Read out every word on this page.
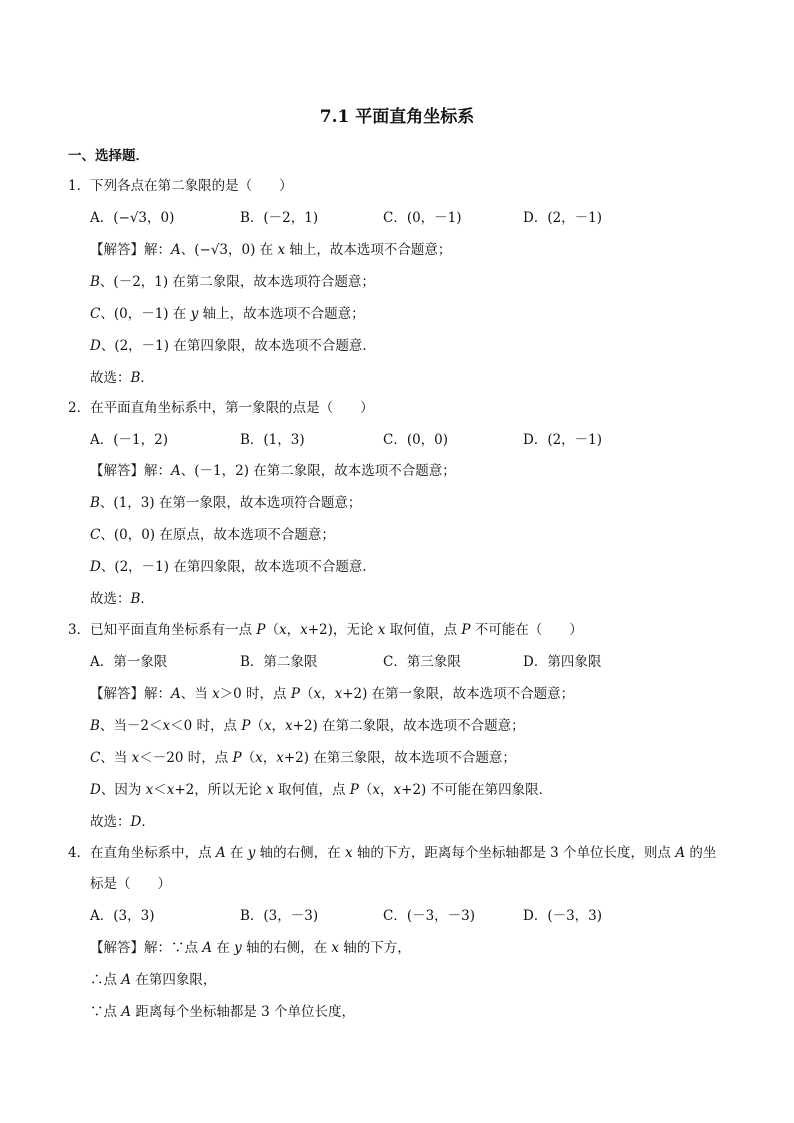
7.1 平面直角坐标系

一、选择题．

1．下列各点在第二象限的是（　　）

A．(−√3，0)	B．(－2，1)	C．(0，－1)	D．(2，－1)

【解答】解：A、(−√3，0) 在 x 轴上，故本选项不合题意；

B、(－2，1) 在第二象限，故本选项符合题意；

C、(0，－1) 在 y 轴上，故本选项不合题意；

D、(2，－1) 在第四象限，故本选项不合题意．

故选：B．

2．在平面直角坐标系中，第一象限的点是（　　）

A．(－1，2)	B．(1，3)	C．(0，0)	D．(2，－1)

【解答】解：A、(－1，2) 在第二象限，故本选项不合题意；

B、(1，3) 在第一象限，故本选项符合题意；

C、(0，0) 在原点，故本选项不合题意；

D、(2，－1) 在第四象限，故本选项不合题意．

故选：B．

3．已知平面直角坐标系有一点 P（x，x+2)，无论 x 取何值，点 P 不可能在（　　）

A．第一象限	B．第二象限	C．第三象限	D．第四象限

【解答】解：A、当 x＞0 时，点 P（x，x+2) 在第一象限，故本选项不合题意；

B、当－2＜x＜0 时，点 P（x，x+2) 在第二象限，故本选项不合题意；

C、当 x＜－20 时，点 P（x，x+2) 在第三象限，故本选项不合题意；

D、因为 x＜x+2，所以无论 x 取何值，点 P（x，x+2) 不可能在第四象限．

故选：D．

4．在直角坐标系中，点 A 在 y 轴的右侧，在 x 轴的下方，距离每个坐标轴都是 3 个单位长度，则点 A 的坐

标是（　　）

A．(3，3)	B．(3，－3)	C．(－3，－3)	D．(－3，3)

【解答】解：∵点 A 在 y 轴的右侧，在 x 轴的下方，

∴点 A 在第四象限，

∵点 A 距离每个坐标轴都是 3 个单位长度，
